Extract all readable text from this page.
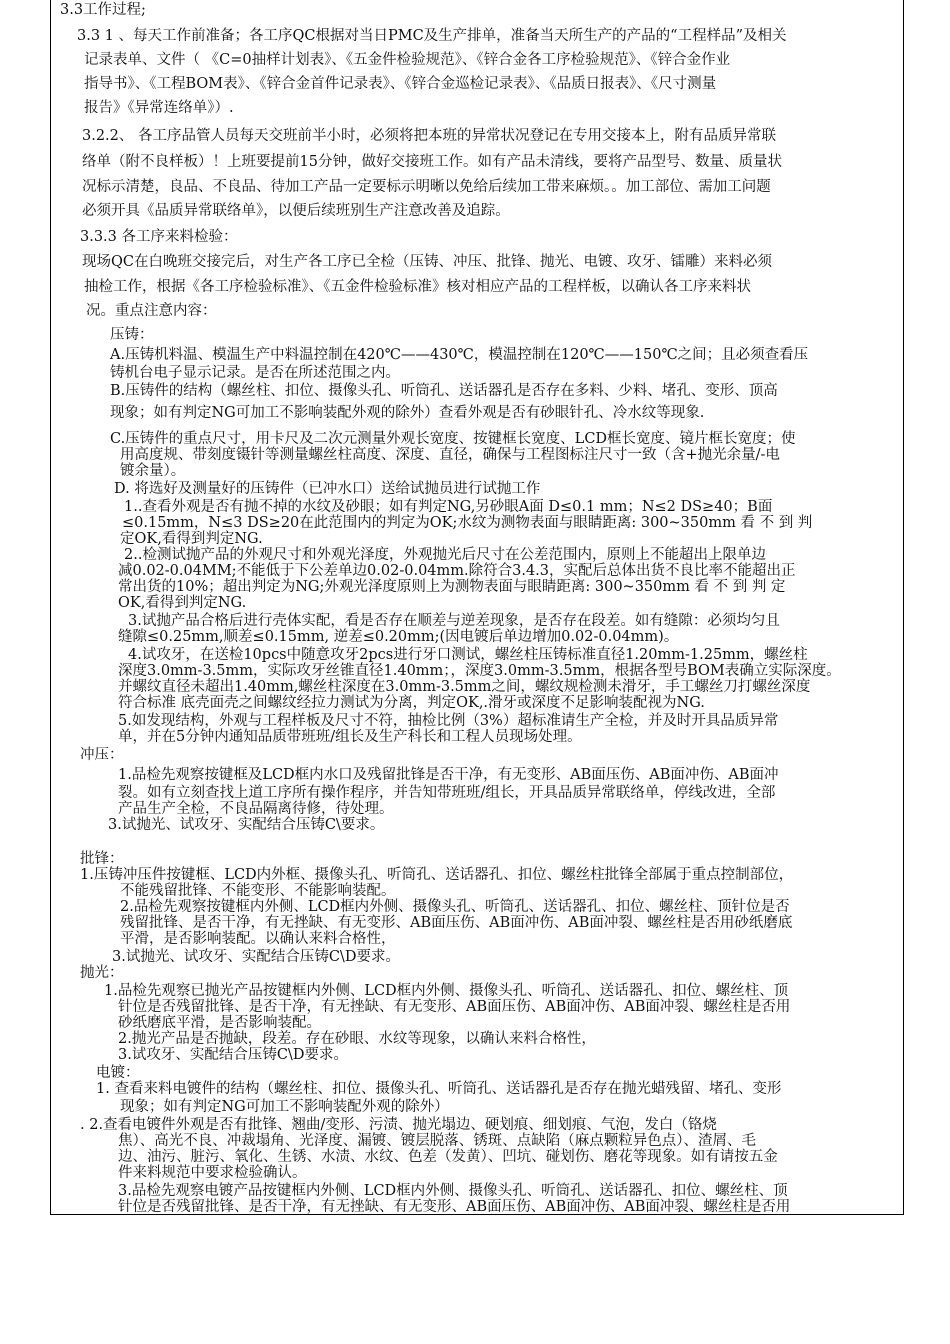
3.3工作过程;
3.3 1 、每天工作前准备；各工序QC根据对当日PMC及生产排单，准备当天所生产的产品的“工程样品”及相关
记录表单、文件（ 《C=0抽样计划表》、《五金件检验规范》、《锌合金各工序检验规范》、《锌合金作业
指导书》、《工程BOM表》、《锌合金首件记录表》、《锌合金巡检记录表》、《品质日报表》、《尺寸测量
报告》《异常连络单》）.
3.2.2、 各工序品管人员每天交班前半小时，必须将把本班的异常状况登记在专用交接本上，附有品质异常联
络单（附不良样板）！上班要提前15分钟，做好交接班工作。如有产品未清线，要将产品型号、数量、质量状
况标示清楚，良品、不良品、待加工产品一定要标示明晰以免给后续加工带来麻烦。。加工部位、需加工问题
必须开具《品质异常联络单》，以便后续班别生产注意改善及追踪。
3.3.3 各工序来料检验：
现场QC在白晚班交接完后，对生产各工序已全检（压铸、冲压、批锋、抛光、电镀、攻牙、镭雕）来料必须
抽检工作，根据《各工序检验标准》、《五金件检验标准》核对相应产品的工程样板，以确认各工序来料状
况。重点注意内容：
压铸：
A.压铸机料温、模温生产中料温控制在420℃——430℃，模温控制在120℃——150℃之间；且必须查看压
铸机台电子显示记录。是否在所述范围之内。
B.压铸件的结构（螺丝柱、扣位、摄像头孔、听筒孔、送话器孔是否存在多料、少料、堵孔、变形、顶高
现象；如有判定NG可加工不影响装配外观的除外）查看外观是否有砂眼针孔、冷水纹等现象.
C.压铸件的重点尺寸，用卡尺及二次元测量外观长宽度、按键框长宽度、LCD框长宽度、镜片框长宽度；使
用高度规、带刻度镊针等测量螺丝柱高度、深度、直径，确保与工程图标注尺寸一致（含+抛光余量/-电
镀余量）。
D. 将选好及测量好的压铸件（已冲水口）送给试抛员进行试抛工作
1..查看外观是否有抛不掉的水纹及砂眼；如有判定NG,另砂眼A面 D≤0.1 mm；N≤2 DS≥40；B面
≤0.15mm，N≤3 DS≥20在此范围内的判定为OK;水纹为测物表面与眼睛距离: 300~350mm 看 不 到 判
定OK,看得到判定NG.
2..检测试抛产品的外观尺寸和外观光泽度，外观抛光后尺寸在公差范围内，原则上不能超出上限单边
减0.02-0.04MM;不能低于下公差单边0.02-0.04mm.除符合3.4.3，实配后总体出货不良比率不能超出正
常出货的10%；超出判定为NG;外观光泽度原则上为测物表面与眼睛距离: 300~350mm 看 不 到 判 定
OK,看得到判定NG.
3.试抛产品合格后进行壳体实配，看是否存在顺差与逆差现象，是否存在段差。如有缝隙：必须均匀且
缝隙≤0.25mm,顺差≤0.15mm, 逆差≤0.20mm;(因电镀后单边增加0.02-0.04mm)。
4.试攻牙，在送检10pcs中随意攻牙2pcs进行牙口测试，螺丝柱压铸标准直径1.20mm-1.25mm，螺丝柱
深度3.0mm-3.5mm，实际攻牙丝锥直径1.40mm；，深度3.0mm-3.5mm，根据各型号BOM表确立实际深度。
并螺纹直径未超出1.40mm,螺丝柱深度在3.0mm-3.5mm之间，螺纹规检测未滑牙，手工螺丝刀打螺丝深度
符合标准 底壳面壳之间螺纹经拉力测试为分离，判定OK,.滑牙或深度不足影响装配视为NG.
5.如发现结构，外观与工程样板及尺寸不符，抽检比例（3%）超标准请生产全检，并及时开具品质异常
单，并在5分钟内通知品质带班班/组长及生产科长和工程人员现场处理。
冲压：
1.品检先观察按键框及LCD框内水口及残留批锋是否干净，有无变形、AB面压伤、AB面冲伤、AB面冲
裂。如有立刻查找上道工序所有操作程序，并告知带班班/组长，开具品质异常联络单，停线改进，全部
产品生产全检，不良品隔离待修，待处理。
3.试抛光、试攻牙、实配结合压铸C\要求。
批锋：
1.压铸冲压件按键框、LCD内外框、摄像头孔、听筒孔、送话器孔、扣位、螺丝柱批锋全部属于重点控制部位，
不能残留批锋、不能变形、不能影响装配。
2.品检先观察按键框内外侧、LCD框内外侧、摄像头孔、听筒孔、送话器孔、扣位、螺丝柱、顶针位是否
残留批锋、是否干净，有无挫缺、有无变形、AB面压伤、AB面冲伤、AB面冲裂、螺丝柱是否用砂纸磨底
平滑，是否影响装配。以确认来料合格性，
3.试抛光、试攻牙、实配结合压铸C\D要求。
抛光：
1.品检先观察已抛光产品按键框内外侧、LCD框内外侧、摄像头孔、听筒孔、送话器孔、扣位、螺丝柱、顶
针位是否残留批锋、是否干净，有无挫缺、有无变形、AB面压伤、AB面冲伤、AB面冲裂、螺丝柱是否用
砂纸磨底平滑，是否影响装配。
2.抛光产品是否抛缺，段差。存在砂眼、水纹等现象，以确认来料合格性，
3.试攻牙、实配结合压铸C\D要求。
电镀：
1. 查看来料电镀件的结构（螺丝柱、扣位、摄像头孔、听筒孔、送话器孔是否存在抛光蜡残留、堵孔、变形
现象；如有判定NG可加工不影响装配外观的除外）
. 2.查看电镀件外观是否有批锋、翘曲/变形、污渍、抛光塌边、硬划痕、细划痕、气泡，发白（铬烧
焦）、高光不良、冲裁塌角、光泽度、漏镀、镀层脱落、锈斑、点缺陷（麻点颗粒异色点）、渣屑、毛
边、油污、脏污、氧化、生锈、水渍、水纹、色差（发黄）、凹坑、碰划伤、磨花等现象。如有请按五金
件来料规范中要求检验确认。
3.品检先观察电镀产品按键框内外侧、LCD框内外侧、摄像头孔、听筒孔、送话器孔、扣位、螺丝柱、顶
针位是否残留批锋、是否干净，有无挫缺、有无变形、AB面压伤、AB面冲伤、AB面冲裂、螺丝柱是否用
